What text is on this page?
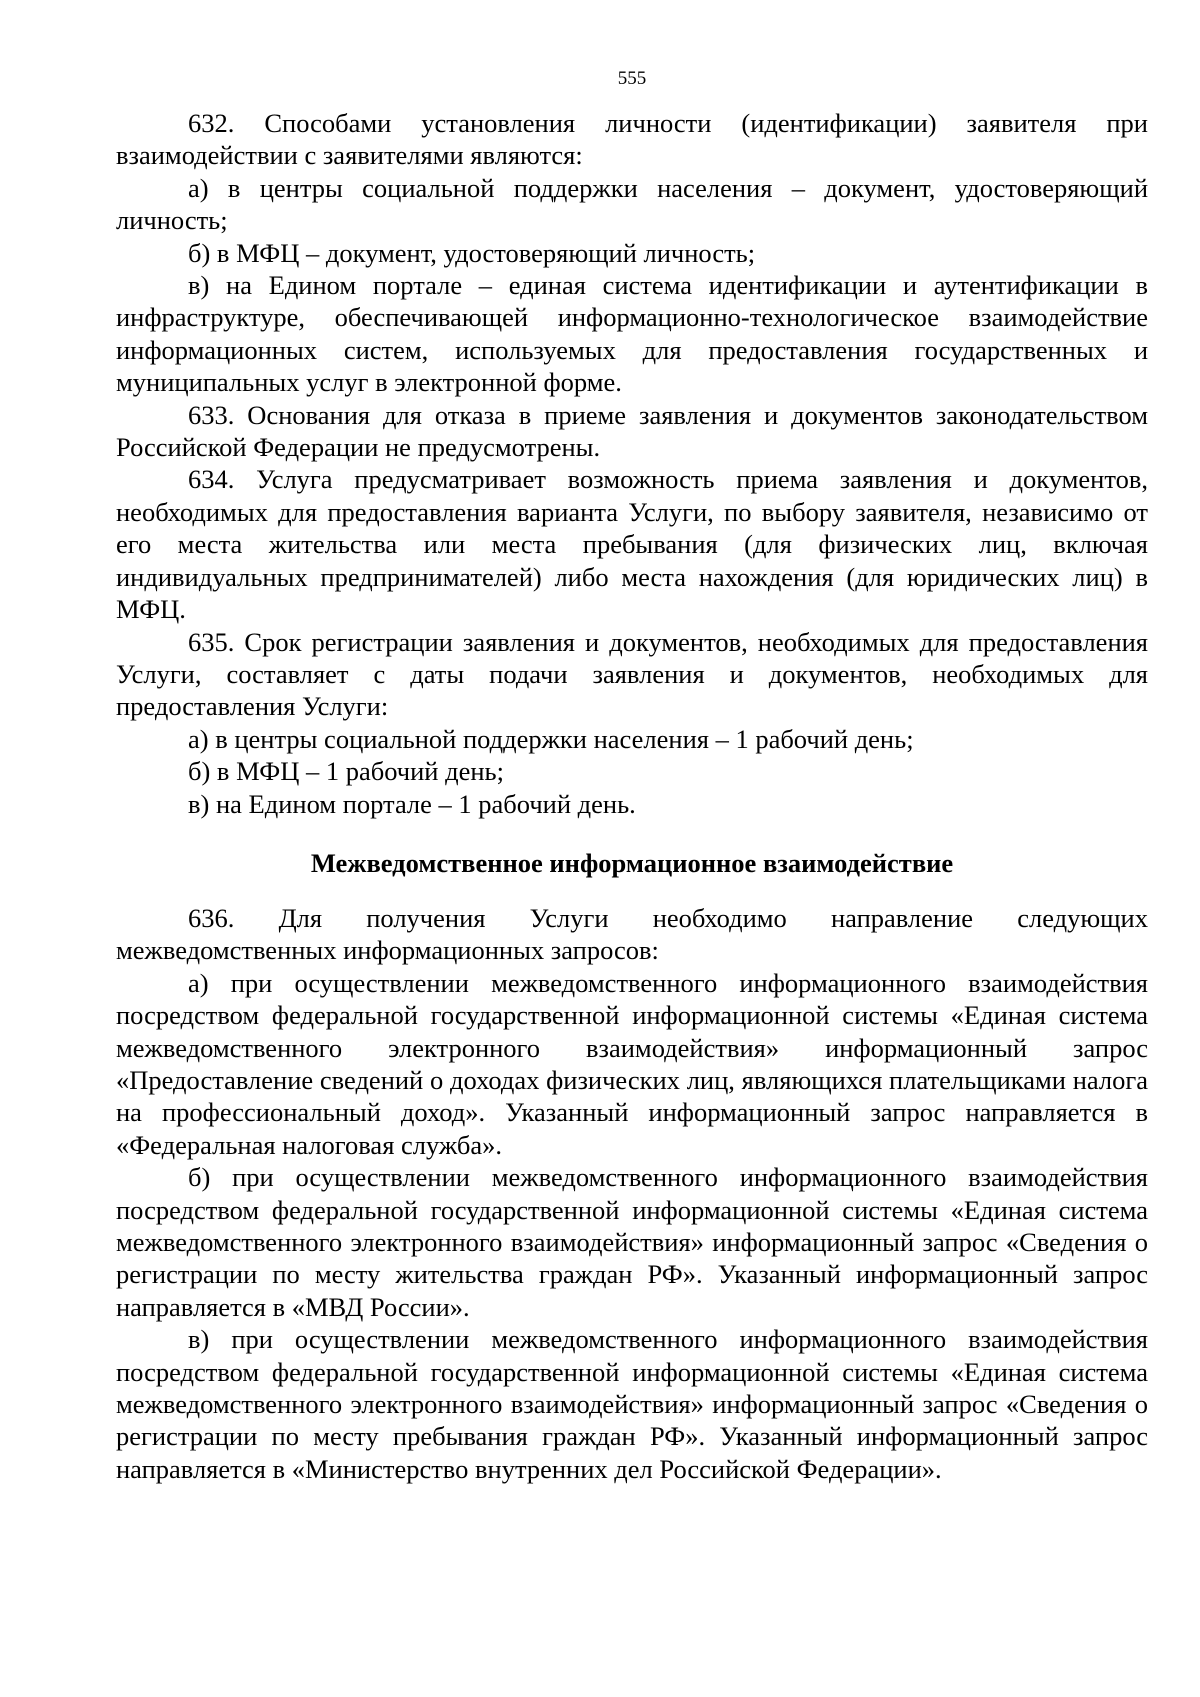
555

632. Способами установления личности (идентификации) заявителя при взаимодействии с заявителями являются:

а) в центры социальной поддержки населения – документ, удостоверяющий личность;

б) в МФЦ – документ, удостоверяющий личность;

в) на Едином портале – единая система идентификации и аутентификации в инфраструктуре, обеспечивающей информационно-технологическое взаимодействие информационных систем, используемых для предоставления государственных и муниципальных услуг в электронной форме.

633. Основания для отказа в приеме заявления и документов законодательством Российской Федерации не предусмотрены.

634. Услуга предусматривает возможность приема заявления и документов, необходимых для предоставления варианта Услуги, по выбору заявителя, независимо от его места жительства или места пребывания (для физических лиц, включая индивидуальных предпринимателей) либо места нахождения (для юридических лиц) в МФЦ.

635. Срок регистрации заявления и документов, необходимых для предоставления Услуги, составляет с даты подачи заявления и документов, необходимых для предоставления Услуги:

а) в центры социальной поддержки населения – 1 рабочий день;

б) в МФЦ – 1 рабочий день;

в) на Едином портале – 1 рабочий день.

Межведомственное информационное взаимодействие

636. Для получения Услуги необходимо направление следующих межведомственных информационных запросов:

а) при осуществлении межведомственного информационного взаимодействия посредством федеральной государственной информационной системы «Единая система межведомственного электронного взаимодействия» информационный запрос «Предоставление сведений о доходах физических лиц, являющихся плательщиками налога на профессиональный доход». Указанный информационный запрос направляется в «Федеральная налоговая служба».

б) при осуществлении межведомственного информационного взаимодействия посредством федеральной государственной информационной системы «Единая система межведомственного электронного взаимодействия» информационный запрос «Сведения о регистрации по месту жительства граждан РФ». Указанный информационный запрос направляется в «МВД России».

в) при осуществлении межведомственного информационного взаимодействия посредством федеральной государственной информационной системы «Единая система межведомственного электронного взаимодействия» информационный запрос «Сведения о регистрации по месту пребывания граждан РФ». Указанный информационный запрос направляется в «Министерство внутренних дел Российской Федерации».
